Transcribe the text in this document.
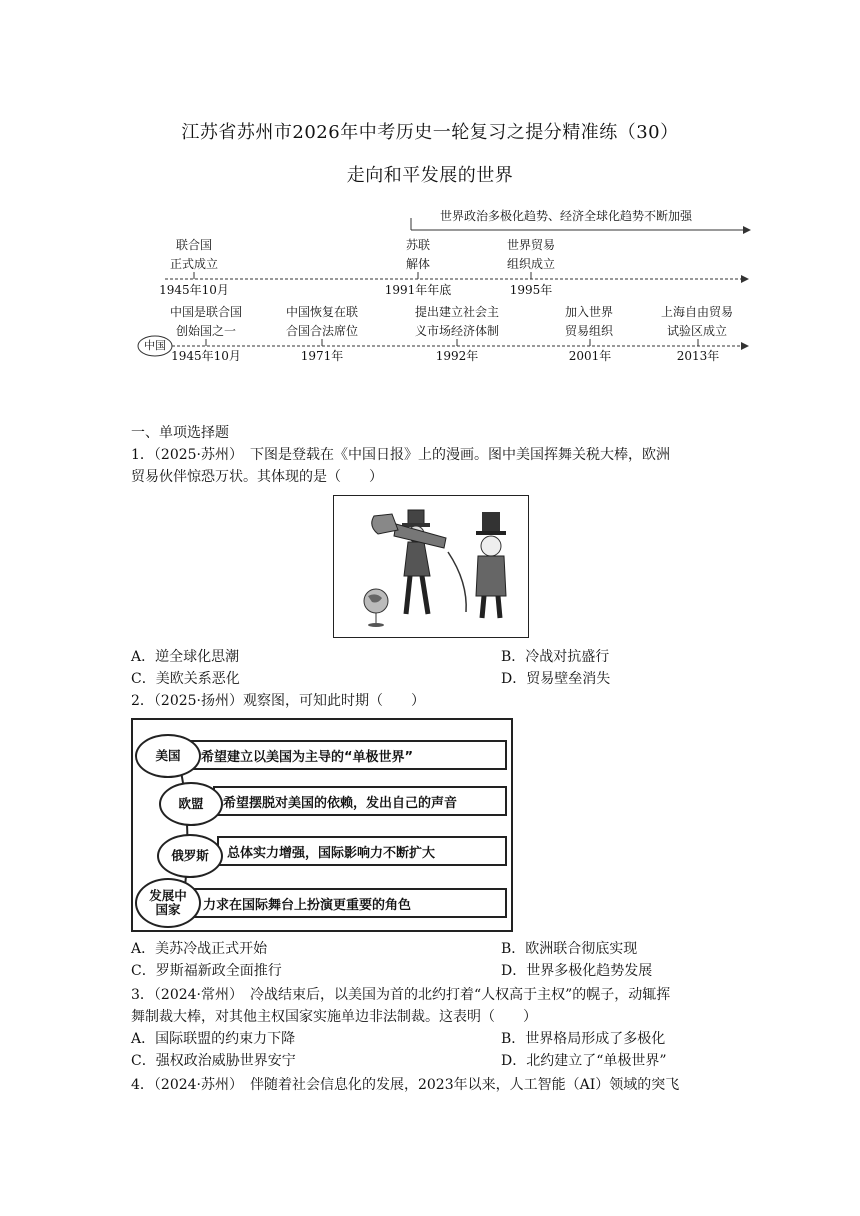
江苏省苏州市2026年中考历史一轮复习之提分精准练（30）
走向和平发展的世界
世界政治多极化趋势、经济全球化趋势不断加强
联合国
正式成立
1945年10月
苏联
解体
1991年年底
世界贸易
组织成立
1995年
中国
中国是联合国
创始国之一
1945年10月
中国恢复在联
合国合法席位
1971年
提出建立社会主
义市场经济体制
1992年
加入世界
贸易组织
2001年
上海自由贸易
试验区成立
2013年
一、单项选择题
1．（2025·苏州）　下图是登载在《中国日报》上的漫画。图中美国挥舞关税大棒，欧洲
贸易伙伴惊恐万状。其体现的是（　　）
A．逆全球化思潮	B．冷战对抗盛行
C．美欧关系恶化	D．贸易壁垒消失
2．（2025·扬州）观察图，可知此时期（　　）
希望建立以美国为主导的“单极世界”
美国
希望摆脱对美国的依赖，发出自己的声音
欧盟
总体实力增强，国际影响力不断扩大
俄罗斯
力求在国际舞台上扮演更重要的角色
发展中
国家
A．美苏冷战正式开始	B．欧洲联合彻底实现
C．罗斯福新政全面推行	D．世界多极化趋势发展
3．（2024·常州）　冷战结束后，以美国为首的北约打着“人权高于主权”的幌子，动辄挥
舞制裁大棒，对其他主权国家实施单边非法制裁。这表明（　　）
A．国际联盟的约束力下降	B．世界格局形成了多极化
C．强权政治威胁世界安宁	D．北约建立了“单极世界”
4．（2024·苏州）　伴随着社会信息化的发展，2023年以来，人工智能（AI）领域的突飞
